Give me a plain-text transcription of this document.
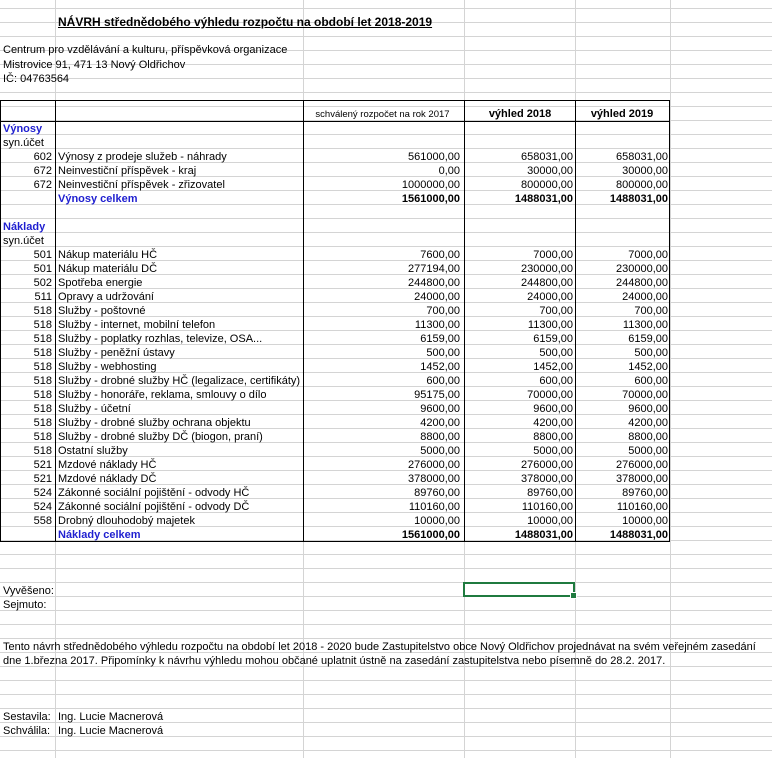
NÁVRH střednědobého výhledu rozpočtu na období let 2018-2019
Centrum pro vzdělávání a kulturu, příspěvková organizace
Mistrovice 91, 471 13 Nový Oldřichov
IČ: 04763564
schválený rozpočet na rok 2017	výhled 2018	výhled 2019
Výnosy
syn.účet
602 Výnosy z prodeje služeb - náhrady	561000,00	658031,00	658031,00
672 Neinvestiční příspěvek - kraj	0,00	30000,00	30000,00
672 Neinvestiční příspěvek - zřizovatel	1000000,00	800000,00	800000,00
Výnosy celkem	1561000,00	1488031,00	1488031,00
Náklady
syn.účet
501 Nákup materiálu HČ	7600,00	7000,00	7000,00
501 Nákup materiálu DČ	277194,00	230000,00	230000,00
502 Spotřeba energie	244800,00	244800,00	244800,00
511 Opravy a udržování	24000,00	24000,00	24000,00
518 Služby - poštovné	700,00	700,00	700,00
518 Služby - internet, mobilní telefon	11300,00	11300,00	11300,00
518 Služby - poplatky rozhlas, televize, OSA...	6159,00	6159,00	6159,00
518 Služby - peněžní ústavy	500,00	500,00	500,00
518 Služby - webhosting	1452,00	1452,00	1452,00
518 Služby - drobné služby HČ (legalizace, certifikáty)	600,00	600,00	600,00
518 Služby - honoráře, reklama, smlouvy o dílo	95175,00	70000,00	70000,00
518 Služby - účetní	9600,00	9600,00	9600,00
518 Služby - drobné služby ochrana objektu	4200,00	4200,00	4200,00
518 Služby - drobné služby DČ (biogon, praní)	8800,00	8800,00	8800,00
518 Ostatní služby	5000,00	5000,00	5000,00
521 Mzdové náklady HČ	276000,00	276000,00	276000,00
521 Mzdové náklady DČ	378000,00	378000,00	378000,00
524 Zákonné sociální pojištění - odvody HČ	89760,00	89760,00	89760,00
524 Zákonné sociální pojištění - odvody DČ	110160,00	110160,00	110160,00
558 Drobný dlouhodobý majetek	10000,00	10000,00	10000,00
Náklady celkem	1561000,00	1488031,00	1488031,00
Vyvěšeno:
Sejmuto:
Tento návrh střednědobého výhledu rozpočtu na období let 2018 - 2020 bude Zastupitelstvo obce Nový Oldřichov projednávat na svém veřejném zasedání
dne 1.března 2017. Připomínky k návrhu výhledu mohou občané uplatnit ústně na zasedání zastupitelstva nebo písemně do 28.2. 2017.
Sestavila: Ing. Lucie Macnerová
Schválila: Ing. Lucie Macnerová
